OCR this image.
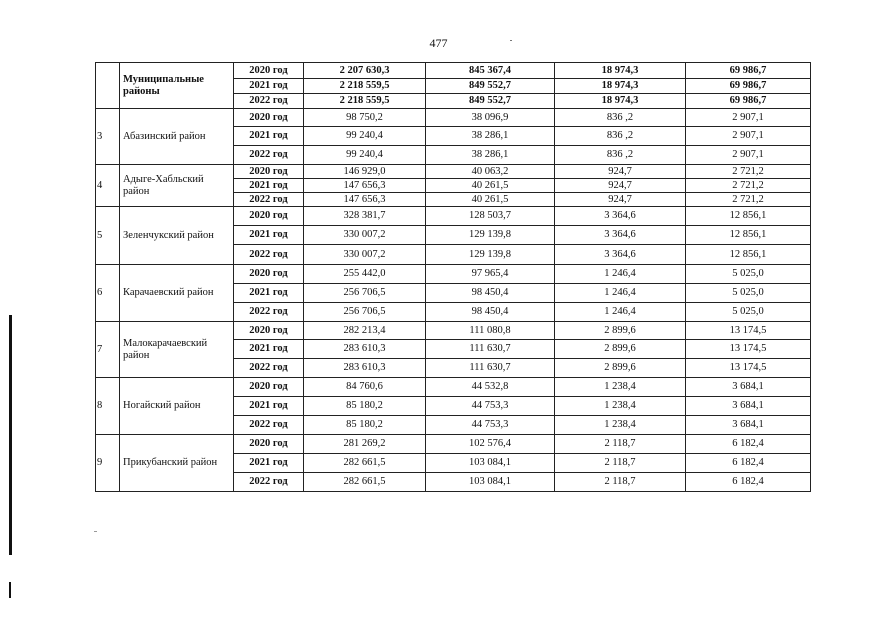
477
	Муниципальные районы	2020 год	2 207 630,3	845 367,4	18 974,3	69 986,7
		2021 год	2 218 559,5	849 552,7	18 974,3	69 986,7
		2022 год	2 218 559,5	849 552,7	18 974,3	69 986,7
3	Абазинский район	2020 год	98 750,2	38 096,9	836 ,2	2 907,1
		2021 год	99 240,4	38 286,1	836 ,2	2 907,1
		2022 год	99 240,4	38 286,1	836 ,2	2 907,1
4	Адыге-Хабльский район	2020 год	146 929,0	40 063,2	924,7	2 721,2
		2021 год	147 656,3	40 261,5	924,7	2 721,2
		2022 год	147 656,3	40 261,5	924,7	2 721,2
5	Зеленчукский район	2020 год	328 381,7	128 503,7	3 364,6	12 856,1
		2021 год	330 007,2	129 139,8	3 364,6	12 856,1
		2022 год	330 007,2	129 139,8	3 364,6	12 856,1
6	Карачаевский район	2020 год	255 442,0	97 965,4	1 246,4	5 025,0
		2021 год	256 706,5	98 450,4	1 246,4	5 025,0
		2022 год	256 706,5	98 450,4	1 246,4	5 025,0
7	Малокарачаевский район	2020 год	282 213,4	111 080,8	2 899,6	13 174,5
		2021 год	283 610,3	111 630,7	2 899,6	13 174,5
		2022 год	283 610,3	111 630,7	2 899,6	13 174,5
8	Ногайский район	2020 год	84 760,6	44 532,8	1 238,4	3 684,1
		2021 год	85 180,2	44 753,3	1 238,4	3 684,1
		2022 год	85 180,2	44 753,3	1 238,4	3 684,1
9	Прикубанский район	2020 год	281 269,2	102 576,4	2 118,7	6 182,4
		2021 год	282 661,5	103 084,1	2 118,7	6 182,4
		2022 год	282 661,5	103 084,1	2 118,7	6 182,4
